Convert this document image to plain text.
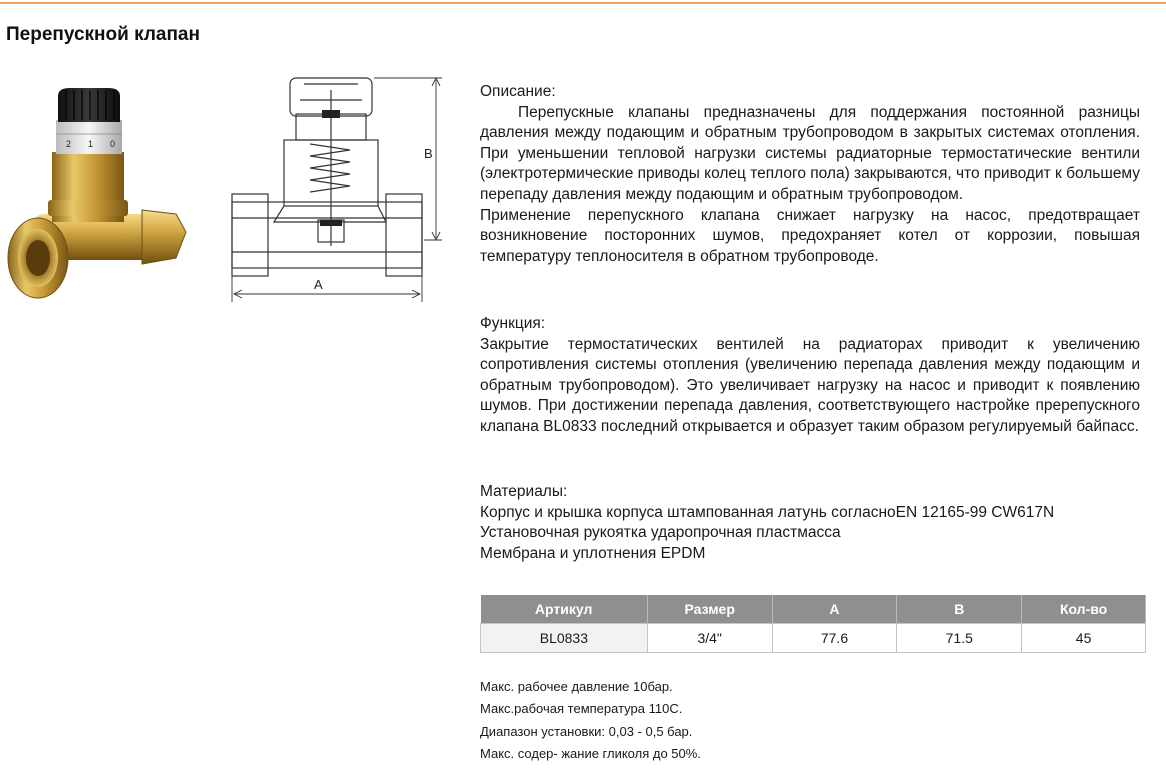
Перепускной клапан
2 1 0
B
A

Описание:

Перепускные клапаны предназначены для поддержания постоянной разницы давления между подающим и обратным трубопроводом в закрытых системах отопления. При уменьшении тепловой нагрузки системы радиаторные термостатические вентили (электротермические приводы колец теплого пола) закрываются, что приводит к большему перепаду давления между подающим и обратным трубопроводом.

Применение перепускного клапана снижает нагрузку на насос, предотвращает возникновение посторонних шумов, предохраняет котел от коррозии, повышая температуру теплоносителя в обратном трубопроводе.

Функция:

Закрытие термостатических вентилей на радиаторах приводит к увеличению сопротивления системы отопления (увеличению перепада давления между подающим и обратным трубопроводом). Это увеличивает нагрузку на насос и приводит к появлению шумов. При достижении перепада давления, соответствующего настройке пререпускного клапана BL0833 последний открывается и образует таким образом регулируемый байпасс.

Материалы:

Корпус и крышка корпуса штампованная латунь согласноEN 12165-99 CW617N

Установочная рукоятка ударопрочная пластмасса

Мембрана и уплотнения EPDM

Артикул	Размер	A	B	Кол-во
BL0833	3/4"	77.6	71.5	45

Макс. рабочее давление 10бар.

Макс.рабочая температура 110С.

Диапазон установки: 0,03 - 0,5 бар.

Макс. содер- жание гликоля до 50%.
